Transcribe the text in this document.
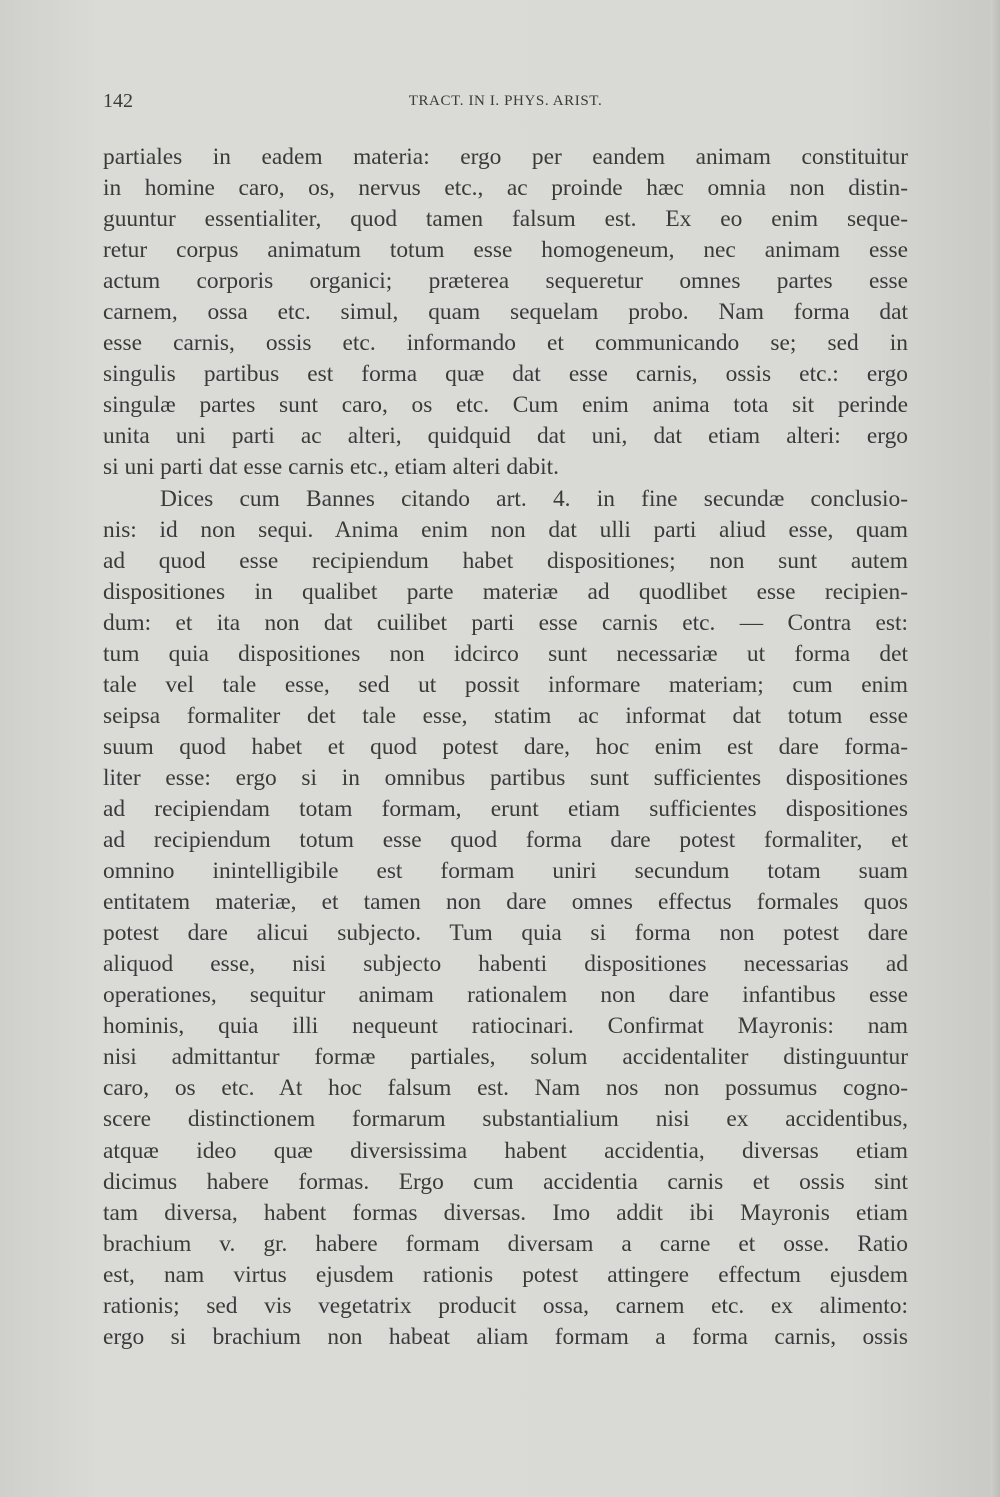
142	TRACT. IN I. PHYS. ARIST.
partiales in eadem materia: ergo per eandem animam constituitur
in homine caro, os, nervus etc., ac proinde hæc omnia non distin-
guuntur essentialiter, quod tamen falsum est. Ex eo enim seque-
retur corpus animatum totum esse homogeneum, nec animam esse
actum corporis organici; præterea sequeretur omnes partes esse
carnem, ossa etc. simul, quam sequelam probo. Nam forma dat
esse carnis, ossis etc. informando et communicando se; sed in
singulis partibus est forma quæ dat esse carnis, ossis etc.: ergo
singulæ partes sunt caro, os etc. Cum enim anima tota sit perinde
unita uni parti ac alteri, quidquid dat uni, dat etiam alteri: ergo
si uni parti dat esse carnis etc., etiam alteri dabit.
Dices cum Bannes citando art. 4. in fine secundæ conclusio-
nis: id non sequi. Anima enim non dat ulli parti aliud esse, quam
ad quod esse recipiendum habet dispositiones; non sunt autem
dispositiones in qualibet parte materiæ ad quodlibet esse recipien-
dum: et ita non dat cuilibet parti esse carnis etc. — Contra est:
tum quia dispositiones non idcirco sunt necessariæ ut forma det
tale vel tale esse, sed ut possit informare materiam; cum enim
seipsa formaliter det tale esse, statim ac informat dat totum esse
suum quod habet et quod potest dare, hoc enim est dare forma-
liter esse: ergo si in omnibus partibus sunt sufficientes dispositiones
ad recipiendam totam formam, erunt etiam sufficientes dispositiones
ad recipiendum totum esse quod forma dare potest formaliter, et
omnino inintelligibile est formam uniri secundum totam suam
entitatem materiæ, et tamen non dare omnes effectus formales quos
potest dare alicui subjecto. Tum quia si forma non potest dare
aliquod esse, nisi subjecto habenti dispositiones necessarias ad
operationes, sequitur animam rationalem non dare infantibus esse
hominis, quia illi nequeunt ratiocinari. Confirmat Mayronis: nam
nisi admittantur formæ partiales, solum accidentaliter distinguuntur
caro, os etc. At hoc falsum est. Nam nos non possumus cogno-
scere distinctionem formarum substantialium nisi ex accidentibus,
atquæ ideo quæ diversissima habent accidentia, diversas etiam
dicimus habere formas. Ergo cum accidentia carnis et ossis sint
tam diversa, habent formas diversas. Imo addit ibi Mayronis etiam
brachium v. gr. habere formam diversam a carne et osse. Ratio
est, nam virtus ejusdem rationis potest attingere effectum ejusdem
rationis; sed vis vegetatrix producit ossa, carnem etc. ex alimento:
ergo si brachium non habeat aliam formam a forma carnis, ossis
